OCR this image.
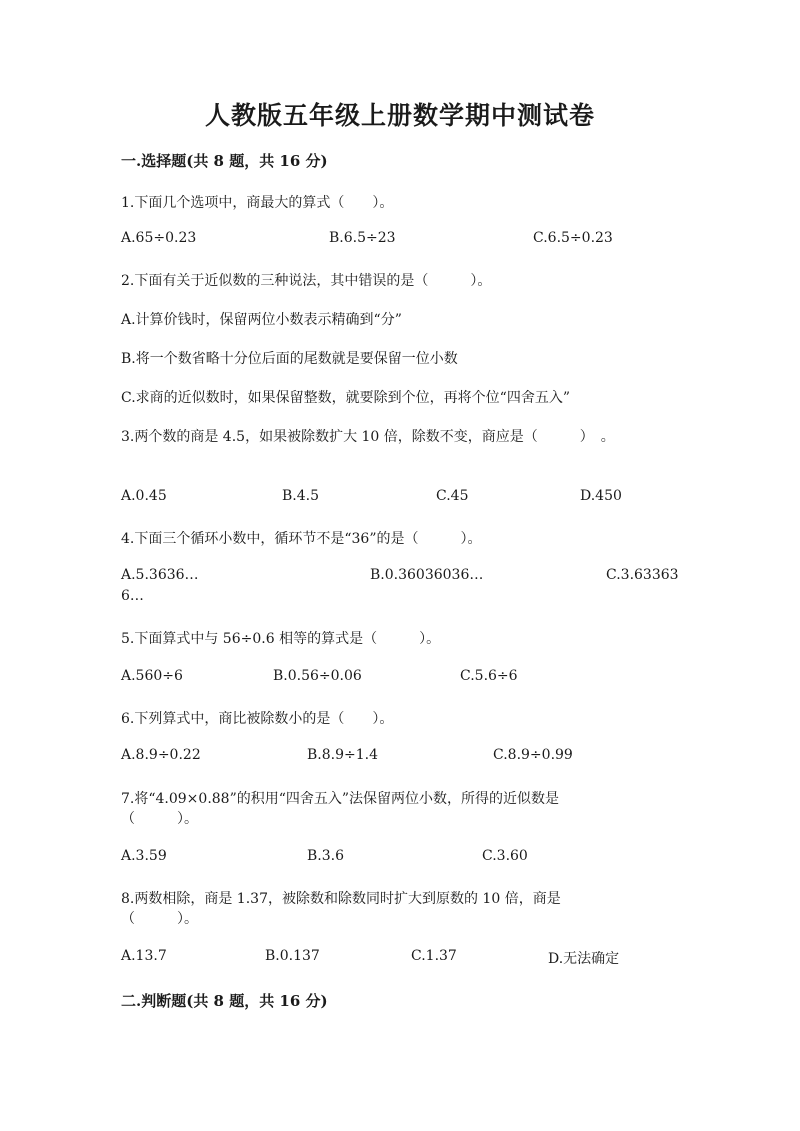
人教版五年级上册数学期中测试卷
一.选择题(共 8 题，共 16 分)
1.下面几个选项中，商最大的算式（　　）。
A.65÷0.23	B.6.5÷23	C.6.5÷0.23
2.下面有关于近似数的三种说法，其中错误的是（　　　）。
A.计算价钱时，保留两位小数表示精确到“分”
B.将一个数省略十分位后面的尾数就是要保留一位小数
C.求商的近似数时，如果保留整数，就要除到个位，再将个位“四舍五入”
3.两个数的商是 4.5，如果被除数扩大 10 倍，除数不变，商应是（　　　）　。
A.0.45	B.4.5	C.45	D.450
4.下面三个循环小数中，循环节不是“36”的是（　　　）。
A.5.3636…	B.0.36036036…	C.3.63363
6…
5.下面算式中与 56÷0.6 相等的算式是（　　　）。
A.560÷6	B.0.56÷0.06	C.5.6÷6
6.下列算式中，商比被除数小的是（　　）。
A.8.9÷0.22	B.8.9÷1.4	C.8.9÷0.99
7.将“4.09×0.88”的积用“四舍五入”法保留两位小数，所得的近似数是
（　　　）。
A.3.59	B.3.6	C.3.60
8.两数相除，商是 1.37，被除数和除数同时扩大到原数的 10 倍，商是
（　　　）。
A.13.7	B.0.137	C.1.37	D.无法确定
二.判断题(共 8 题，共 16 分)
